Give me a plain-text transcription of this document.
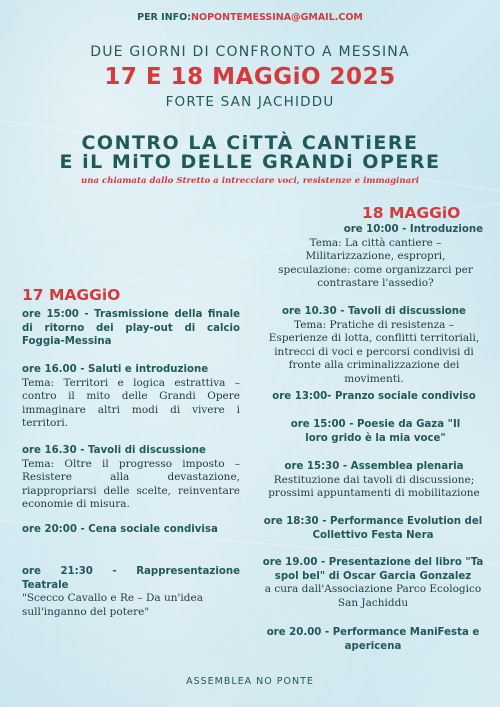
PER INFO:NOPONTEMESSINA@GMAIL.COM

DUE GIORNI DI CONFRONTO A MESSINA

17 E 18 MAGGiO 2025

FORTE SAN JACHIDDU

CONTRO LA CiTTÀ CANTiERE

E iL MiTO DELLE GRANDi OPERE

una chiamata dallo Stretto a intrecciare voci, resistenze e immaginari

18 MAGGiO

ore 10:00 - Introduzione
Tema: La città cantiere – Militarizzazione, espropri, speculazione: come organizzarci per contrastare l'assedio?
ore 10.30 - Tavoli di discussione
Tema: Pratiche di resistenza – Esperienze di lotta, conflitti territoriali, intrecci di voci e percorsi condivisi di fronte alla criminalizzazione dei movimenti.
ore 13:00- Pranzo sociale condiviso
ore 15:00 - Poesie da Gaza "Il loro grido è la mia voce"
ore 15:30 - Assemblea plenaria
Restituzione dai tavoli di discussione; prossimi appuntamenti di mobilitazione
ore 18:30 - Performance Evolution del Collettivo Festa Nera
ore 19.00 - Presentazione del libro "Ta spol bel" di Oscar Garcia Gonzalez
a cura dall'Associazione Parco Ecologico San Jachiddu
ore 20.00 - Performance ManiFesta e apericena

17 MAGGiO

ore 15:00 - Trasmissione della finale di ritorno dei play-out di calcio Foggia-Messina
ore 16.00 - Saluti e introduzione
Tema: Territori e logica estrattiva – contro il mito delle Grandi Opere immaginare altri modi di vivere i territori.
ore 16.30 - Tavoli di discussione
Tema: Oltre il progresso imposto – Resistere alla devastazione, riappropriarsi delle scelte, reinventare economie di misura.
ore 20:00 - Cena sociale condivisa
ore 21:30 - Rappresentazione Teatrale
"Scecco Cavallo e Re – Da un'idea sull'inganno del potere"

ASSEMBLEA NO PONTE
